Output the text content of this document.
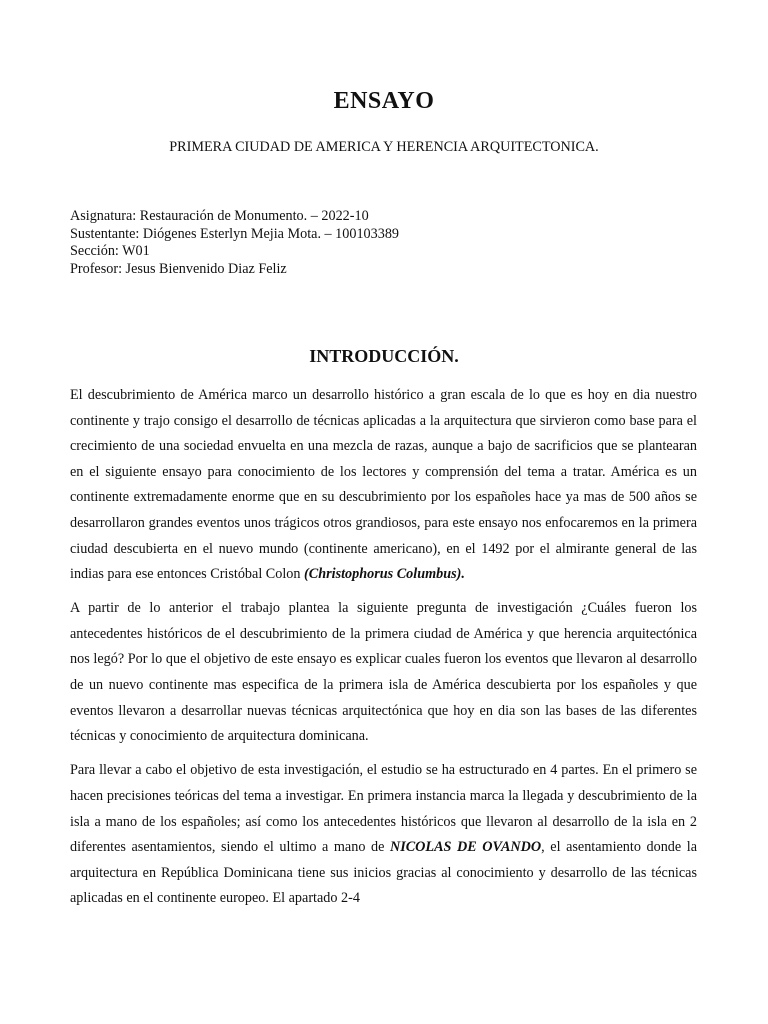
ENSAYO
PRIMERA CIUDAD DE AMERICA Y HERENCIA ARQUITECTONICA.
Asignatura: Restauración de Monumento. – 2022-10
Sustentante: Diógenes Esterlyn Mejia Mota. – 100103389
Sección: W01
Profesor: Jesus Bienvenido Diaz Feliz
INTRODUCCIÓN.

El descubrimiento de América marco un desarrollo histórico a gran escala de lo que es hoy en dia nuestro continente y trajo consigo el desarrollo de técnicas aplicadas a la arquitectura que sirvieron como base para el crecimiento de una sociedad envuelta en una mezcla de razas, aunque a bajo de sacrificios que se plantearan en el siguiente ensayo para conocimiento de los lectores y comprensión del tema a tratar. América es un continente extremadamente enorme que en su descubrimiento por los españoles hace ya mas de 500 años se desarrollaron grandes eventos unos trágicos otros grandiosos, para este ensayo nos enfocaremos en la primera ciudad descubierta en el nuevo mundo (continente americano), en el 1492 por el almirante general de las indias para ese entonces Cristóbal Colon (Christophorus Columbus).

A partir de lo anterior el trabajo plantea la siguiente pregunta de investigación ¿Cuáles fueron los antecedentes históricos de el descubrimiento de la primera ciudad de América y que herencia arquitectónica nos legó? Por lo que el objetivo de este ensayo es explicar cuales fueron los eventos que llevaron al desarrollo de un nuevo continente mas especifica de la primera isla de América descubierta por los españoles y que eventos llevaron a desarrollar nuevas técnicas arquitectónica que hoy en dia son las bases de las diferentes técnicas y conocimiento de arquitectura dominicana.

Para llevar a cabo el objetivo de esta investigación, el estudio se ha estructurado en 4 partes. En el primero se hacen precisiones teóricas del tema a investigar. En primera instancia marca la llegada y descubrimiento de la isla a mano de los españoles; así como los antecedentes históricos que llevaron al desarrollo de la isla en 2 diferentes asentamientos, siendo el ultimo a mano de NICOLAS DE OVANDO, el asentamiento donde la arquitectura en República Dominicana tiene sus inicios gracias al conocimiento y desarrollo de las técnicas aplicadas en el continente europeo. El apartado 2-4
